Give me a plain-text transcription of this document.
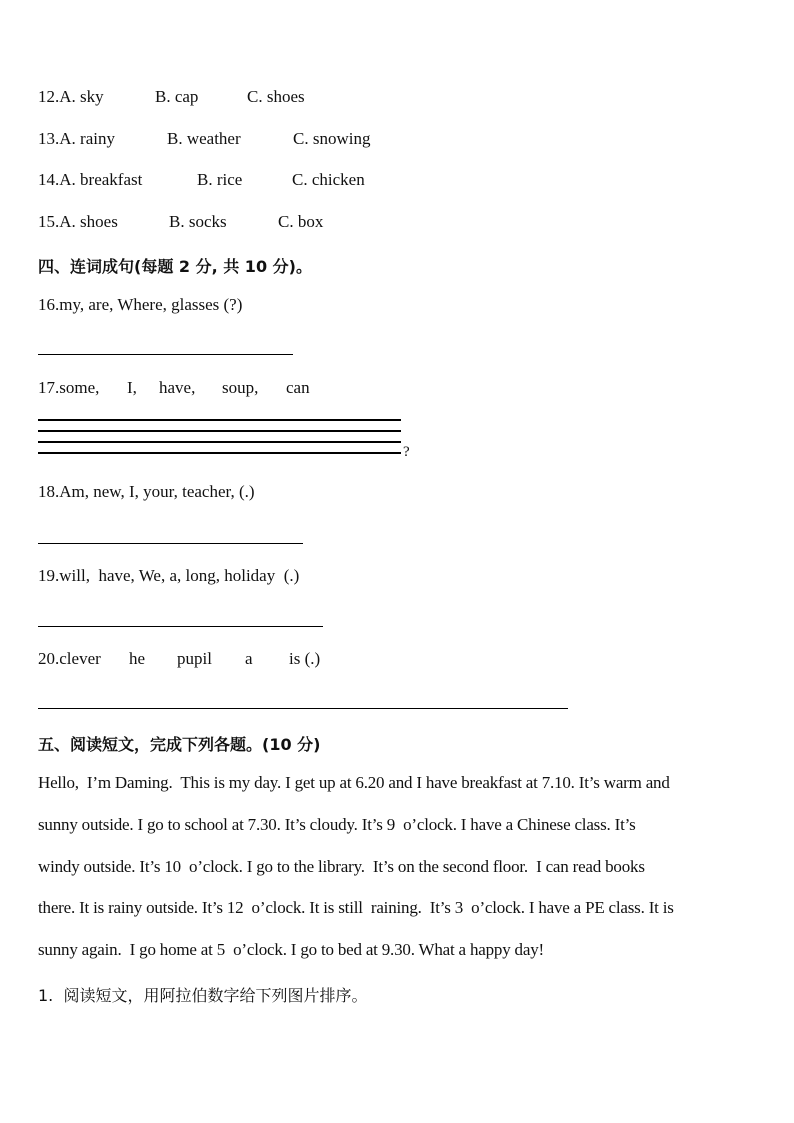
12.A. sky	B. cap	C. shoes
13.A. rainy	B. weather	C. snowing
14.A. breakfast	B. rice	C. chicken
15.A. shoes	B. socks	C. box
四、连词成句(每题 2 分, 共 10 分)。
16.my, are, Where, glasses (?)
17.some, I, have, soup, can
?
18.Am, new, I, your, teacher, (.)
19.will,  have, We, a, long, holiday  (.)
20.clever he pupil a is (.)
五、阅读短文，完成下列各题。(10 分)
Hello,  I’m Daming.  This is my day. I get up at 6.20 and I have breakfast at 7.10. It’s warm and
sunny outside. I go to school at 7.30. It’s cloudy. It’s 9  o’clock. I have a Chinese class. It’s
windy outside. It’s 10  o’clock. I go to the library.  It’s on the second floor.  I can read books
there. It is rainy outside. It’s 12  o’clock. It is still  raining.  It’s 3  o’clock. I have a PE class. It is
sunny again.  I go home at 5  o’clock. I go to bed at 9.30. What a happy day!
1.  阅读短文，用阿拉伯数字给下列图片排序。
